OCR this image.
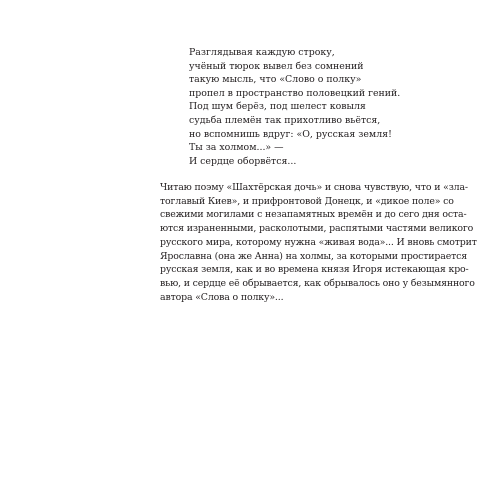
Разглядывая каждую строку,
учёный тюрок вывел без сомнений
такую мысль, что «Слово о полку»
пропел в пространство половецкий гений.
Под шум берёз, под шелест ковыля
судьба племён так прихотливо вьётся,
но вспомнишь вдруг: «О, русская земля!
Ты за холмом...» —
И сердце оборвётся...
Читаю поэму «Шахтёрская дочь» и снова чувствую, что и «зла-
тоглавый Киев», и прифронтовой Донецк, и «дикое поле» со
свежими могилами с незапамятных времён и до сего дня оста-
ются израненными, расколотыми, распятыми частями великого
русского мира, которому нужна «живая вода»... И вновь смотрит
Ярославна (она же Анна) на холмы, за которыми простирается
русская земля, как и во времена князя Игоря истекающая кро-
вью, и сердце её обрывается, как обрывалось оно у безымянного
автора «Слова о полку»...
